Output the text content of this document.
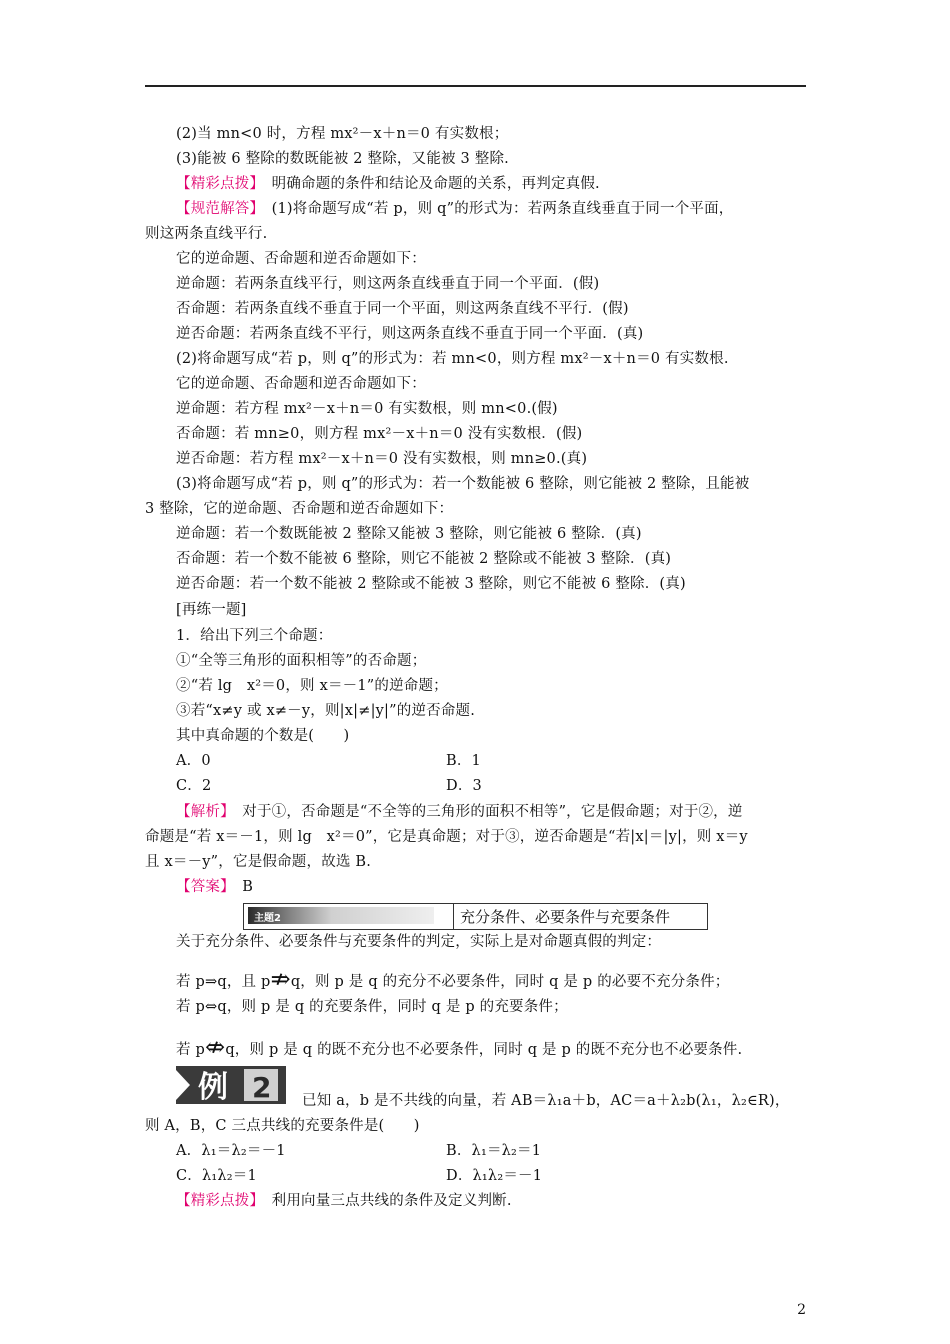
(2)当 mn<0 时，方程 mx²－x＋n＝0 有实数根；
(3)能被 6 整除的数既能被 2 整除，又能被 3 整除.
【精彩点拨】　明确命题的条件和结论及命题的关系，再判定真假.
【规范解答】　(1)将命题写成“若 p，则 q”的形式为：若两条直线垂直于同一个平面，
则这两条直线平行.
它的逆命题、否命题和逆否命题如下：
逆命题：若两条直线平行，则这两条直线垂直于同一个平面．(假)
否命题：若两条直线不垂直于同一个平面，则这两条直线不平行．(假)
逆否命题：若两条直线不平行，则这两条直线不垂直于同一个平面．(真)
(2)将命题写成“若 p，则 q”的形式为：若 mn<0，则方程 mx²－x＋n＝0 有实数根.
它的逆命题、否命题和逆否命题如下：
逆命题：若方程 mx²－x＋n＝0 有实数根，则 mn<0.(假)
否命题：若 mn≥0，则方程 mx²－x＋n＝0 没有实数根．(假)
逆否命题：若方程 mx²－x＋n＝0 没有实数根，则 mn≥0.(真)
(3)将命题写成“若 p，则 q”的形式为：若一个数能被 6 整除，则它能被 2 整除，且能被
3 整除，它的逆命题、否命题和逆否命题如下：
逆命题：若一个数既能被 2 整除又能被 3 整除，则它能被 6 整除．(真)
否命题：若一个数不能被 6 整除，则它不能被 2 整除或不能被 3 整除．(真)
逆否命题：若一个数不能被 2 整除或不能被 3 整除，则它不能被 6 整除．(真)
[再练一题]
1．给出下列三个命题：
①“全等三角形的面积相等”的否命题；
②“若 lg　x²＝0，则 x＝－1”的逆命题；
③若“x≠y 或 x≠－y，则|x|≠|y|”的逆否命题.
其中真命题的个数是(　　)
A．0	B．1
C．2	D．3
【解析】　对于①，否命题是“不全等的三角形的面积不相等”，它是假命题；对于②，逆
命题是“若 x＝－1，则 lg　x²＝0”，它是真命题；对于③，逆否命题是“若|x|＝|y|，则 x＝y
且 x＝－y”，它是假命题，故选 B.
【答案】　B
主题2	充分条件、必要条件与充要条件
关于充分条件、必要条件与充要条件的判定，实际上是对命题真假的判定：
若 p⇒q，且 p⇏q，则 p 是 q 的充分不必要条件，同时 q 是 p 的必要不充分条件；
若 p⇔q，则 p 是 q 的充要条件，同时 q 是 p 的充要条件；
若 p⇎q，则 p 是 q 的既不充分也不必要条件，同时 q 是 p 的既不充分也不必要条件.
例 2 已知 a，b 是不共线的向量，若 AB＝λ₁a＋b，AC＝a＋λ₂b(λ₁，λ₂∈R)，
则 A，B，C 三点共线的充要条件是(　　)
A．λ₁＝λ₂＝－1	B．λ₁＝λ₂＝1
C．λ₁λ₂＝1	D．λ₁λ₂＝－1
【精彩点拨】　利用向量三点共线的条件及定义判断.
2
